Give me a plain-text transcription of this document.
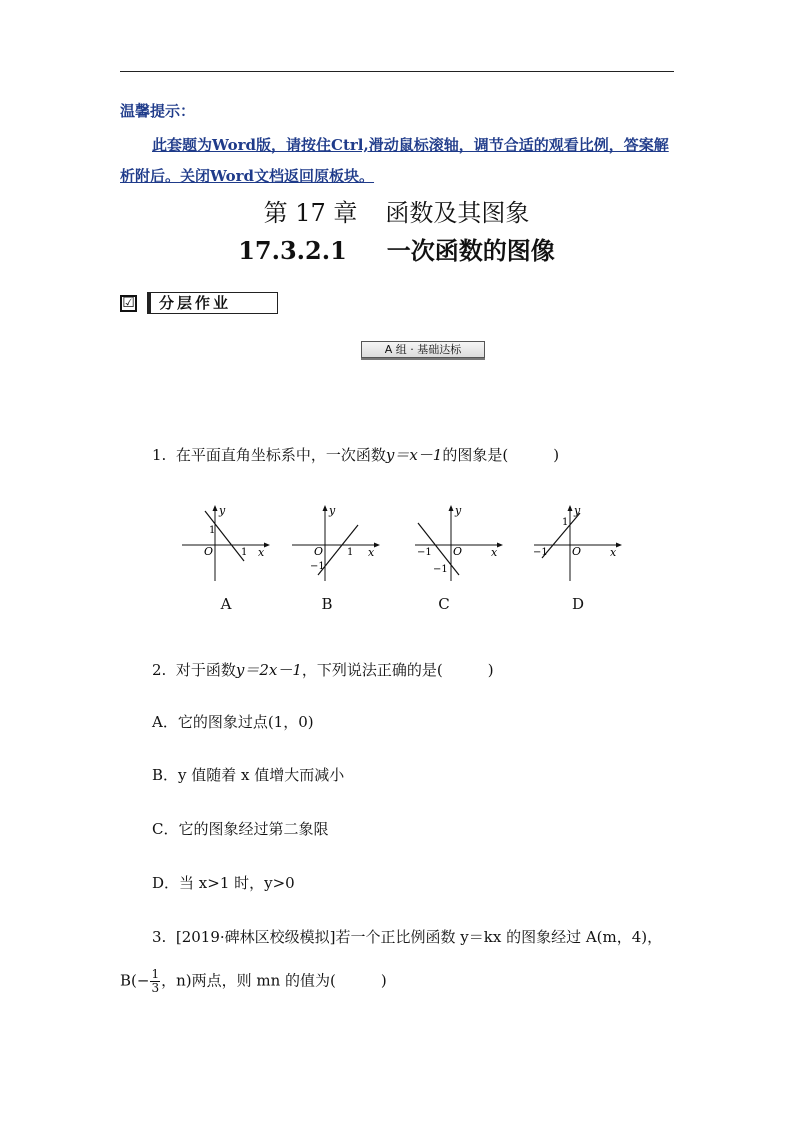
温馨提示：
此套题为Word版，请按住Ctrl,滑动鼠标滚轴，调节合适的观看比例，答案解析附后。关闭Word文档返回原板块。
第 17 章 函数及其图象
17.3.2.1 一次函数的图像
☑	分层作业
A 组 · 基础达标
1. 在平面直角坐标系中，一次函数y＝x－1的图象是(　　　)
y
x
O
1
1
A
y
x
O 1
−1
B
y
x
O
−1
−1
C
y
x
O
−1
1
D
2. 对于函数y＝2x－1，下列说法正确的是(　　　)
A．它的图象过点(1，0)
B．y 值随着 x 值增大而减小
C．它的图象经过第二象限
D．当 x>1 时，y>0
3. [2019·碑林区校级模拟]若一个正比例函数 y＝kx 的图象经过 A(m，4)，
$B(- \frac{1}{3}$ ，n)两点，则 mn 的值为(　　　)
